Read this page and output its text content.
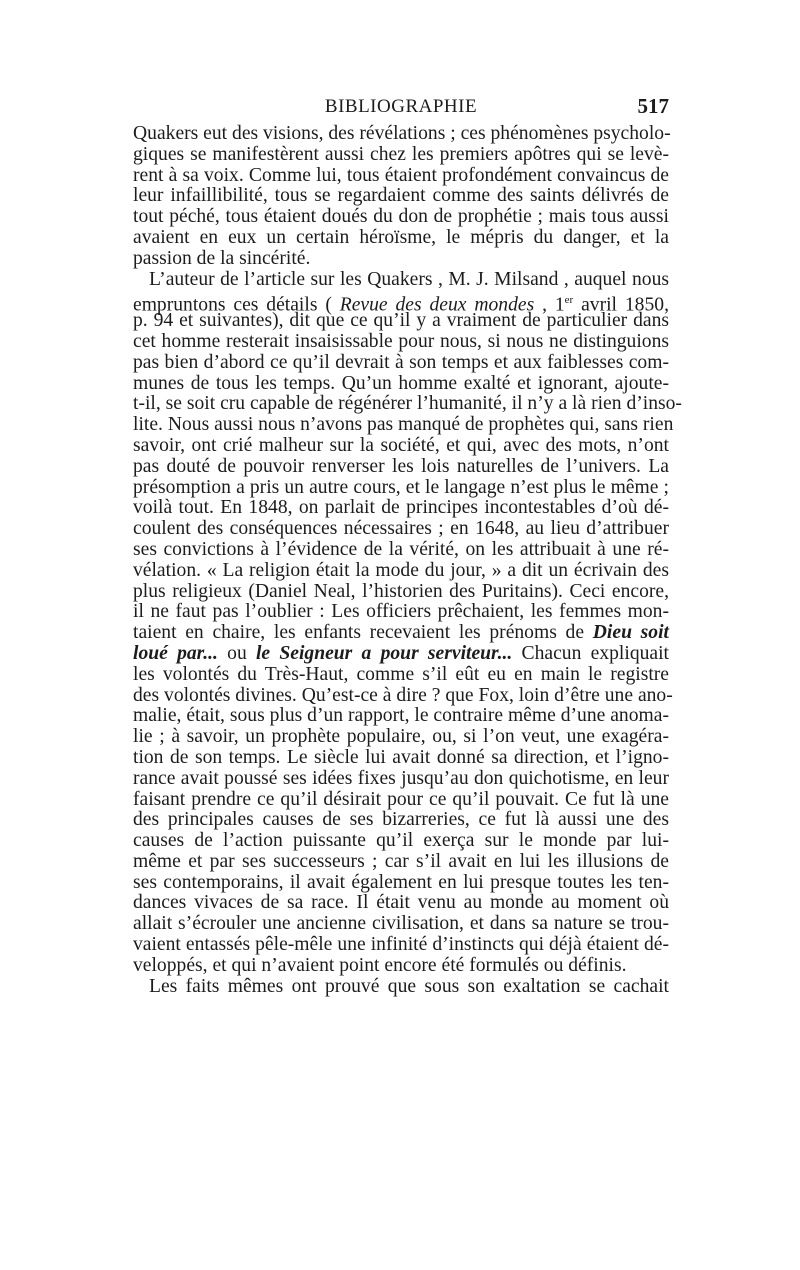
BIBLIOGRAPHIE	517
Quakers eut des visions, des révélations ; ces phénomènes psycholo-
giques se manifestèrent aussi chez les premiers apôtres qui se levè-
rent à sa voix. Comme lui, tous étaient profondément convaincus de
leur infaillibilité, tous se regardaient comme des saints délivrés de
tout péché, tous étaient doués du don de prophétie ; mais tous aussi
avaient en eux un certain héroïsme, le mépris du danger, et la
passion de la sincérité.
L’auteur de l’article sur les Quakers , M. J. Milsand , auquel nous
empruntons ces détails ( Revue des deux mondes , 1er avril 1850,
p. 94 et suivantes), dit que ce qu’il y a vraiment de particulier dans
cet homme resterait insaisissable pour nous, si nous ne distinguions
pas bien d’abord ce qu’il devrait à son temps et aux faiblesses com-
munes de tous les temps. Qu’un homme exalté et ignorant, ajoute-
t-il, se soit cru capable de régénérer l’humanité, il n’y a là rien d’inso-
lite. Nous aussi nous n’avons pas manqué de prophètes qui, sans rien
savoir, ont crié malheur sur la société, et qui, avec des mots, n’ont
pas douté de pouvoir renverser les lois naturelles de l’univers. La
présomption a pris un autre cours, et le langage n’est plus le même ;
voilà tout. En 1848, on parlait de principes incontestables d’où dé-
coulent des conséquences nécessaires ; en 1648, au lieu d’attribuer
ses convictions à l’évidence de la vérité, on les attribuait à une ré-
vélation. « La religion était la mode du jour, » a dit un écrivain des
plus religieux (Daniel Neal, l’historien des Puritains). Ceci encore,
il ne faut pas l’oublier : Les officiers prêchaient, les femmes mon-
taient en chaire, les enfants recevaient les prénoms de Dieu soit
loué par... ou le Seigneur a pour serviteur... Chacun expliquait
les volontés du Très-Haut, comme s’il eût eu en main le registre
des volontés divines. Qu’est-ce à dire ? que Fox, loin d’être une ano-
malie, était, sous plus d’un rapport, le contraire même d’une anoma-
lie ; à savoir, un prophète populaire, ou, si l’on veut, une exagéra-
tion de son temps. Le siècle lui avait donné sa direction, et l’igno-
rance avait poussé ses idées fixes jusqu’au don quichotisme, en leur
faisant prendre ce qu’il désirait pour ce qu’il pouvait. Ce fut là une
des principales causes de ses bizarreries, ce fut là aussi une des
causes de l’action puissante qu’il exerça sur le monde par lui-
même et par ses successeurs ; car s’il avait en lui les illusions de
ses contemporains, il avait également en lui presque toutes les ten-
dances vivaces de sa race. Il était venu au monde au moment où
allait s’écrouler une ancienne civilisation, et dans sa nature se trou-
vaient entassés pêle-mêle une infinité d’instincts qui déjà étaient dé-
veloppés, et qui n’avaient point encore été formulés ou définis.
Les faits mêmes ont prouvé que sous son exaltation se cachait
